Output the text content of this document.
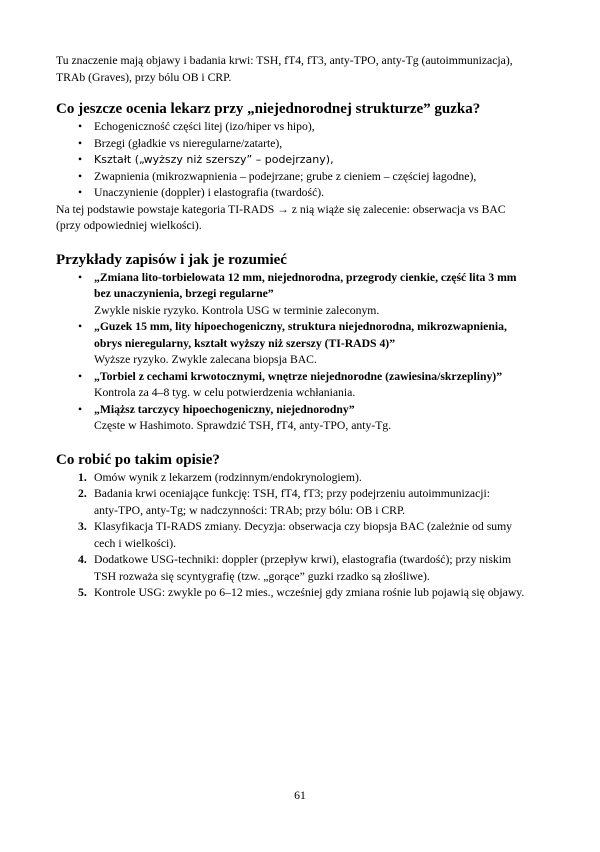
Tu znaczenie mają objawy i badania krwi: TSH, fT4, fT3, anty-TPO, anty-Tg (autoimmunizacja),

TRAb (Graves), przy bólu OB i CRP.

Co jeszcze ocenia lekarz przy „niejednorodnej strukturze” guzka?
• Echogeniczność części litej (izo/hiper vs hipo),
• Brzegi (gładkie vs nieregularne/zatarte),
• Kształt („wyższy niż szerszy” – podejrzany),
• Zwapnienia (mikrozwapnienia – podejrzane; grube z cieniem – częściej łagodne),
• Unaczynienie (doppler) i elastografia (twardość).

Na tej podstawie powstaje kategoria TI-RADS → z nią wiąże się zalecenie: obserwacja vs BAC

(przy odpowiedniej wielkości).

Przykłady zapisów i jak je rozumieć
• „Zmiana lito-torbielowata 12 mm, niejednorodna, przegrody cienkie, część lita 3 mm
bez unaczynienia, brzegi regularne”
Zwykle niskie ryzyko. Kontrola USG w terminie zaleconym.
• „Guzek 15 mm, lity hipoechogeniczny, struktura niejednorodna, mikrozwapnienia,
obrys nieregularny, kształt wyższy niż szerszy (TI-RADS 4)”
Wyższe ryzyko. Zwykle zalecana biopsja BAC.
• „Torbiel z cechami krwotocznymi, wnętrze niejednorodne (zawiesina/skrzepliny)”
Kontrola za 4–8 tyg. w celu potwierdzenia wchłaniania.
• „Miąższ tarczycy hipoechogeniczny, niejednorodny”
Częste w Hashimoto. Sprawdzić TSH, fT4, anty-TPO, anty-Tg.
Co robić po takim opisie?
1. Omów wynik z lekarzem (rodzinnym/endokrynologiem).
2. Badania krwi oceniające funkcję: TSH, fT4, fT3; przy podejrzeniu autoimmunizacji:
anty-TPO, anty-Tg; w nadczynności: TRAb; przy bólu: OB i CRP.
3. Klasyfikacja TI-RADS zmiany. Decyzja: obserwacja czy biopsja BAC (zależnie od sumy
cech i wielkości).
4. Dodatkowe USG-techniki: doppler (przepływ krwi), elastografia (twardość); przy niskim
TSH rozważa się scyntygrafię (tzw. „gorące” guzki rzadko są złośliwe).
5. Kontrole USG: zwykle po 6–12 mies., wcześniej gdy zmiana rośnie lub pojawią się objawy.
61
